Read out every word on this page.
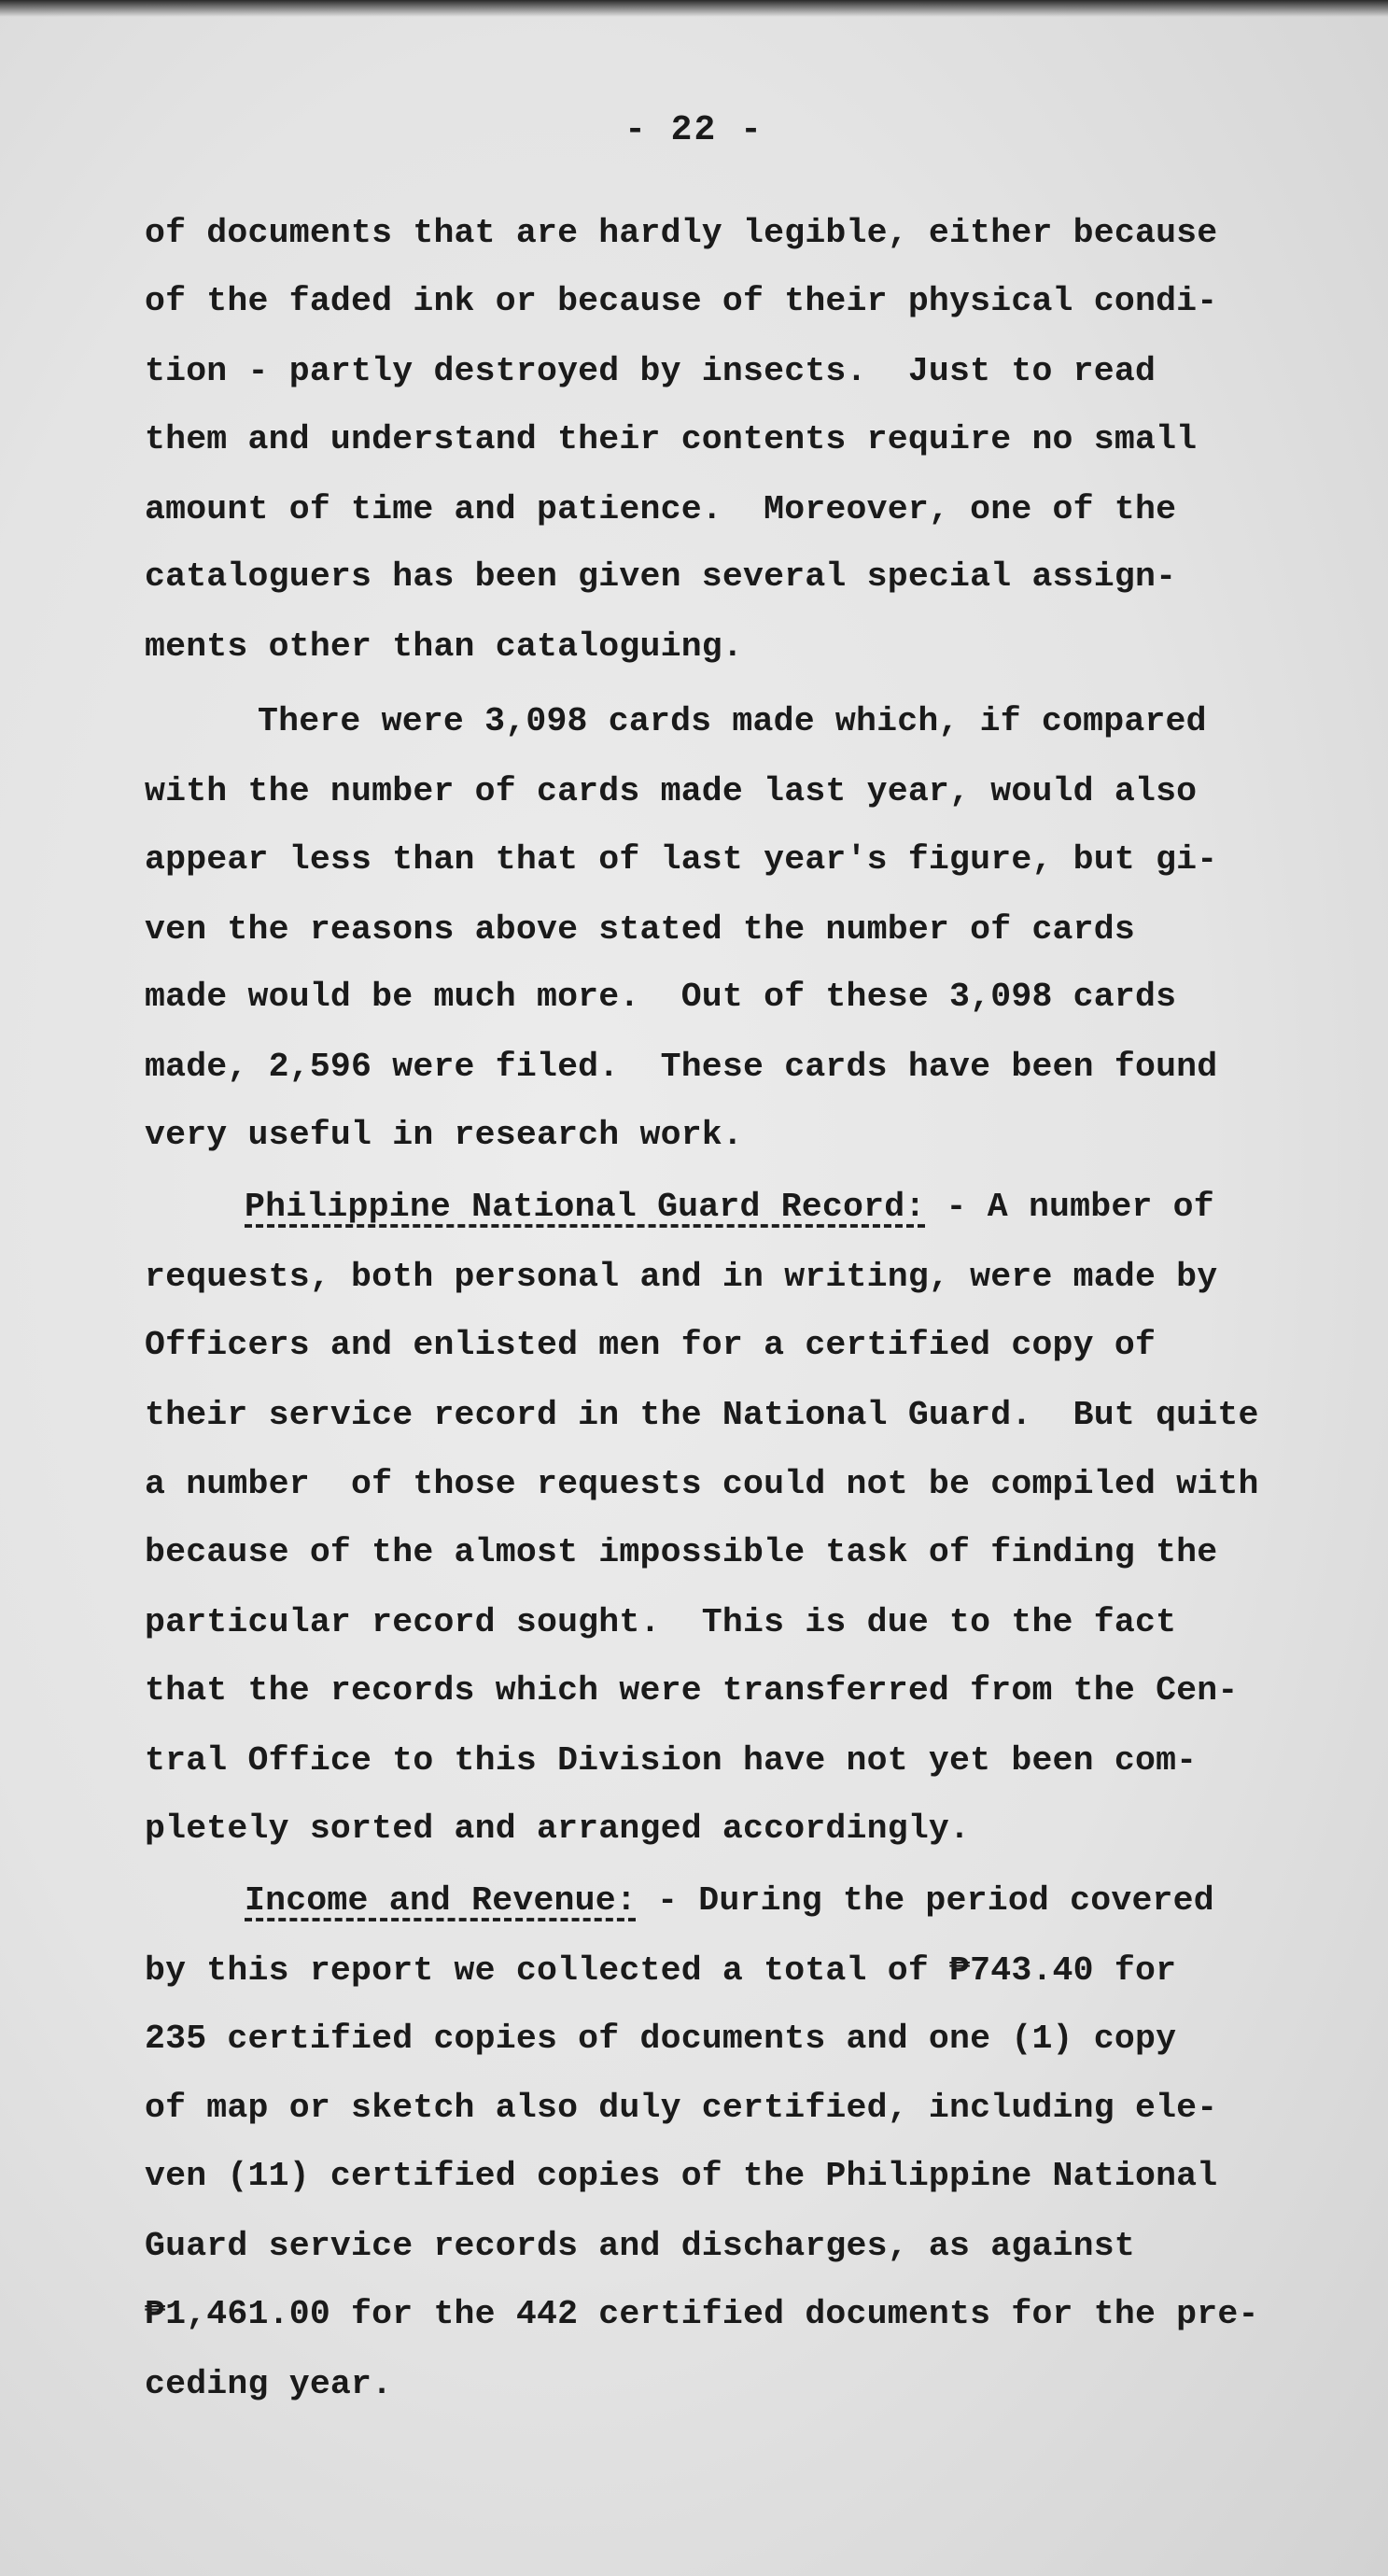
- 22 -
of documents that are hardly legible, either because
of the faded ink or because of their physical condi-
tion - partly destroyed by insects.  Just to read
them and understand their contents require no small
amount of time and patience.  Moreover, one of the
cataloguers has been given several special assign-
ments other than cataloguing.
There were 3,098 cards made which, if compared
with the number of cards made last year, would also
appear less than that of last year's figure, but gi-
ven the reasons above stated the number of cards
made would be much more.  Out of these 3,098 cards
made, 2,596 were filed.  These cards have been found
very useful in research work.
Philippine National Guard Record: - A number of
requests, both personal and in writing, were made by
Officers and enlisted men for a certified copy of
their service record in the National Guard.  But quite
a number  of those requests could not be compiled with
because of the almost impossible task of finding the
particular record sought.  This is due to the fact
that the records which were transferred from the Cen-
tral Office to this Division have not yet been com-
pletely sorted and arranged accordingly.
Income and Revenue: - During the period covered
by this report we collected a total of ₱743.40 for
235 certified copies of documents and one (1) copy
of map or sketch also duly certified, including ele-
ven (11) certified copies of the Philippine National
Guard service records and discharges, as against
₱1,461.00 for the 442 certified documents for the pre-
ceding year.
